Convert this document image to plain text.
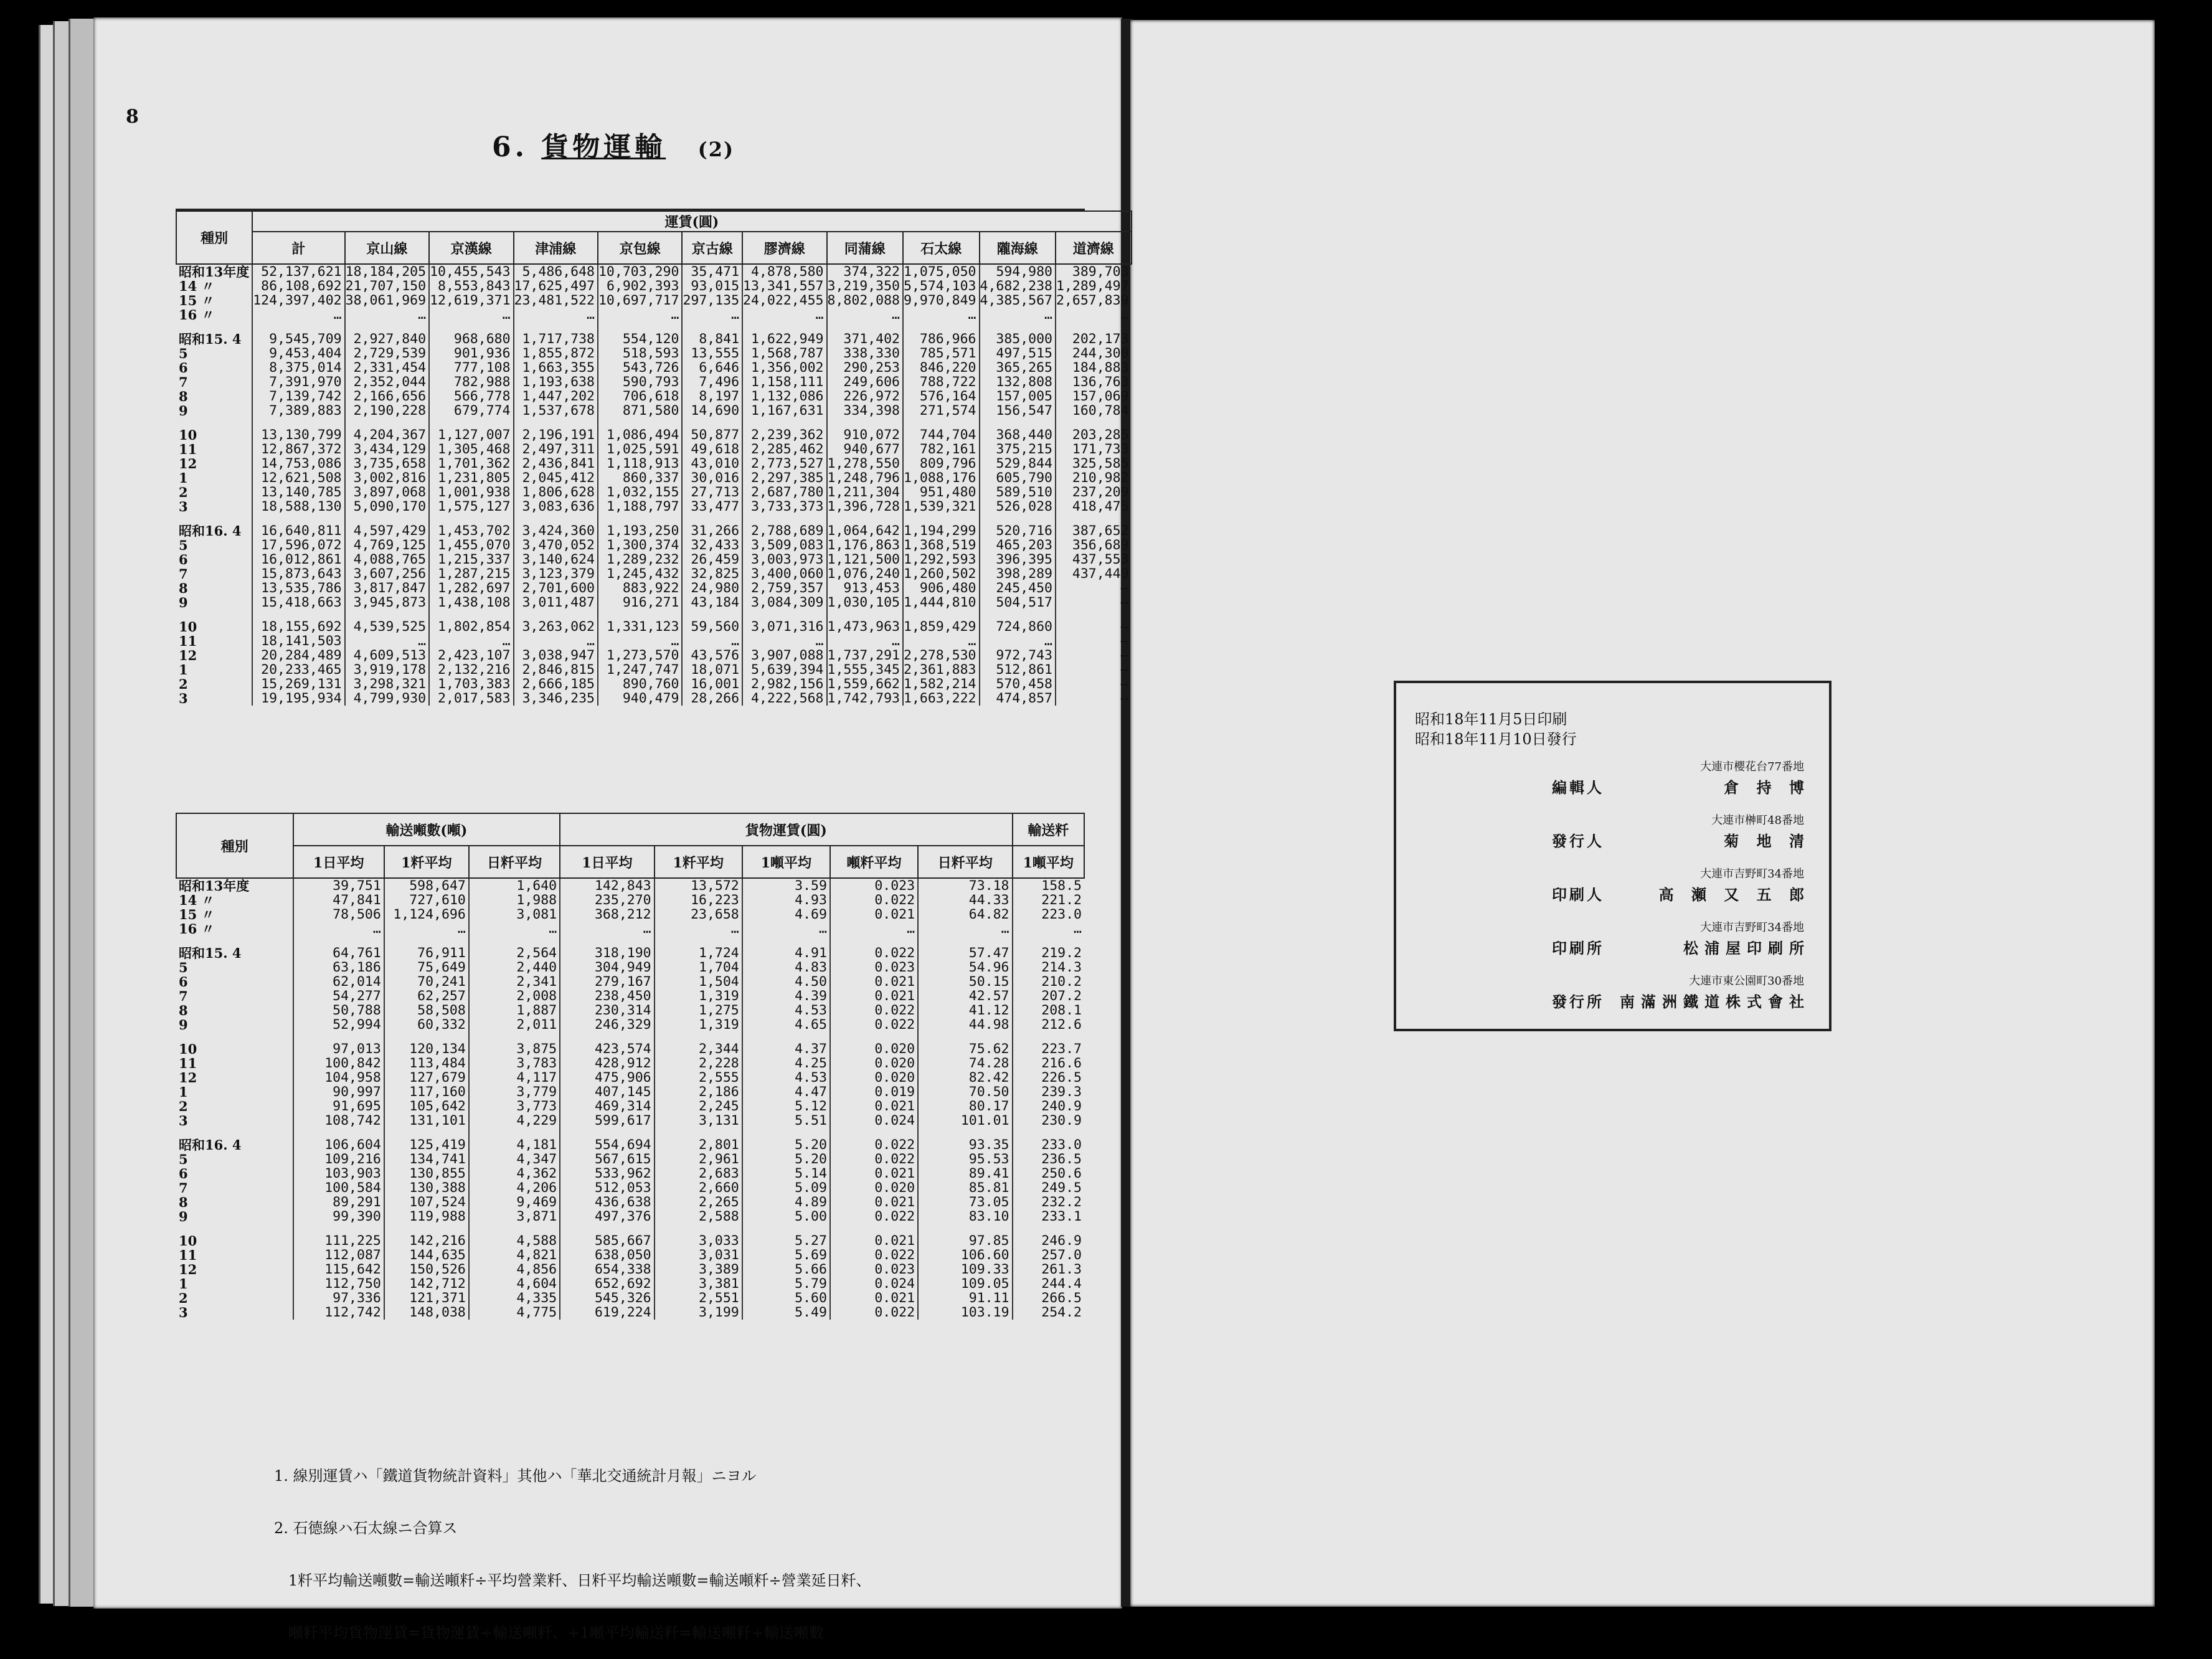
8
6. 貨物運輸 (2)
種別	運賃(圓)										
	計	京山線	京漢線	津浦線	京包線	京古線	膠濟線	同蒲線	石太線	隴海線	道濟線
昭和13年度	52,137,621	18,184,205	10,455,543	5,486,648	10,703,290	35,471	4,878,580	374,322	1,075,050	594,980	389,703
14 〃	86,108,692	21,707,150	8,553,843	17,625,497	6,902,393	93,015	13,341,557	3,219,350	5,574,103	4,682,238	1,289,497
15 〃	124,397,402	38,061,969	12,619,371	23,481,522	10,697,717	297,135	24,022,455	8,802,088	9,970,849	4,385,567	2,657,839
16 〃	…	…	…	…	…	…	…	…	…	…	…

昭和15. 4	9,545,709	2,927,840	968,680	1,717,738	554,120	8,841	1,622,949	371,402	786,966	385,000	202,173
5	9,453,404	2,729,539	901,936	1,855,872	518,593	13,555	1,568,787	338,330	785,571	497,515	244,300
6	8,375,014	2,331,454	777,108	1,663,355	543,726	6,646	1,356,002	290,253	846,220	365,265	184,883
7	7,391,970	2,352,044	782,988	1,193,638	590,793	7,496	1,158,111	249,606	788,722	132,808	136,763
8	7,139,742	2,166,656	566,778	1,447,202	706,618	8,197	1,132,086	226,972	576,164	157,005	157,069
9	7,389,883	2,190,228	679,774	1,537,678	871,580	14,690	1,167,631	334,398	271,574	156,547	160,784

10	13,130,799	4,204,367	1,127,007	2,196,191	1,086,494	50,877	2,239,362	910,072	744,704	368,440	203,285
11	12,867,372	3,434,129	1,305,468	2,497,311	1,025,591	49,618	2,285,462	940,677	782,161	375,215	171,733
12	14,753,086	3,735,658	1,701,362	2,436,841	1,118,913	43,010	2,773,527	1,278,550	809,796	529,844	325,585
1	12,621,508	3,002,816	1,231,805	2,045,412	860,337	30,016	2,297,385	1,248,796	1,088,176	605,790	210,982
2	13,140,785	3,897,068	1,001,938	1,806,628	1,032,155	27,713	2,687,780	1,211,304	951,480	589,510	237,209
3	18,588,130	5,090,170	1,575,127	3,083,636	1,188,797	33,477	3,733,373	1,396,728	1,539,321	526,028	418,475

昭和16. 4	16,640,811	4,597,429	1,453,702	3,424,360	1,193,250	31,266	2,788,689	1,064,642	1,194,299	520,716	387,652
5	17,596,072	4,769,125	1,455,070	3,470,052	1,300,374	32,433	3,509,083	1,176,863	1,368,519	465,203	356,689
6	16,012,861	4,088,765	1,215,337	3,140,624	1,289,232	26,459	3,003,973	1,121,500	1,292,593	396,395	437,553
7	15,873,643	3,607,256	1,287,215	3,123,379	1,245,432	32,825	3,400,060	1,076,240	1,260,502	398,289	437,449
8	13,535,786	3,817,847	1,282,697	2,701,600	883,922	24,980	2,759,357	913,453	906,480	245,450	—
9	15,418,663	3,945,873	1,438,108	3,011,487	916,271	43,184	3,084,309	1,030,105	1,444,810	504,517	—

10	18,155,692	4,539,525	1,802,854	3,263,062	1,331,123	59,560	3,071,316	1,473,963	1,859,429	724,860	—
11	18,141,503	…	…	…	…	…	…	…	…	…	—
12	20,284,489	4,609,513	2,423,107	3,038,947	1,273,570	43,576	3,907,088	1,737,291	2,278,530	972,743	—
1	20,233,465	3,919,178	2,132,216	2,846,815	1,247,747	18,071	5,639,394	1,555,345	2,361,883	512,861	—
2	15,269,131	3,298,321	1,703,383	2,666,185	890,760	16,001	2,982,156	1,559,662	1,582,214	570,458	—
3	19,195,934	4,799,930	2,017,583	3,346,235	940,479	28,266	4,222,568	1,742,793	1,663,222	474,857	—
種別	輸送噸數(噸)			貨物運賃(圓)					輸送粁
	1日平均	1粁平均	日粁平均	1日平均	1粁平均	1噸平均	噸粁平均	日粁平均	1噸平均
昭和13年度	39,751	598,647	1,640	142,843	13,572	3.59	0.023	73.18	158.5
14 〃	47,841	727,610	1,988	235,270	16,223	4.93	0.022	44.33	221.2
15 〃	78,506	1,124,696	3,081	368,212	23,658	4.69	0.021	64.82	223.0
16 〃	…	…	…	…	…	…	…	…	…

昭和15. 4	64,761	76,911	2,564	318,190	1,724	4.91	0.022	57.47	219.2
5	63,186	75,649	2,440	304,949	1,704	4.83	0.023	54.96	214.3
6	62,014	70,241	2,341	279,167	1,504	4.50	0.021	50.15	210.2
7	54,277	62,257	2,008	238,450	1,319	4.39	0.021	42.57	207.2
8	50,788	58,508	1,887	230,314	1,275	4.53	0.022	41.12	208.1
9	52,994	60,332	2,011	246,329	1,319	4.65	0.022	44.98	212.6

10	97,013	120,134	3,875	423,574	2,344	4.37	0.020	75.62	223.7
11	100,842	113,484	3,783	428,912	2,228	4.25	0.020	74.28	216.6
12	104,958	127,679	4,117	475,906	2,555	4.53	0.020	82.42	226.5
1	90,997	117,160	3,779	407,145	2,186	4.47	0.019	70.50	239.3
2	91,695	105,642	3,773	469,314	2,245	5.12	0.021	80.17	240.9
3	108,742	131,101	4,229	599,617	3,131	5.51	0.024	101.01	230.9

昭和16. 4	106,604	125,419	4,181	554,694	2,801	5.20	0.022	93.35	233.0
5	109,216	134,741	4,347	567,615	2,961	5.20	0.022	95.53	236.5
6	103,903	130,855	4,362	533,962	2,683	5.14	0.021	89.41	250.6
7	100,584	130,388	4,206	512,053	2,660	5.09	0.020	85.81	249.5
8	89,291	107,524	9,469	436,638	2,265	4.89	0.021	73.05	232.2
9	99,390	119,988	3,871	497,376	2,588	5.00	0.022	83.10	233.1

10	111,225	142,216	4,588	585,667	3,033	5.27	0.021	97.85	246.9
11	112,087	144,635	4,821	638,050	3,031	5.69	0.022	106.60	257.0
12	115,642	150,526	4,856	654,338	3,389	5.66	0.023	109.33	261.3
1	112,750	142,712	4,604	652,692	3,381	5.79	0.024	109.05	244.4
2	97,336	121,371	4,335	545,326	2,551	5.60	0.021	91.11	266.5
3	112,742	148,038	4,775	619,224	3,199	5.49	0.022	103.19	254.2

1. 線別運賃ハ「鐵道貨物統計資料」其他ハ「華北交通統計月報」ニヨル

2. 石德線ハ石太線ニ合算ス

1粁平均輸送噸數=輸送噸粁÷平均營業粁、日粁平均輸送噸數=輸送噸粁÷營業延日粁、

噸粁平均貨物運賃=貨物運賃÷輸送噸粁、÷1噸平均輸送粁=輸送噸粁÷輸送噸數

昭和18年11月5日印刷
昭和18年11月10日發行
大連市櫻花台77番地
編輯人	倉 持 博
大連市榊町48番地
發行人	菊 地 清
大連市吉野町34番地
印刷人	高 瀬 又 五 郎
大連市吉野町34番地
印刷所	松浦屋印刷所
大連市東公園町30番地
發行所 南滿洲鐵道株式會社
